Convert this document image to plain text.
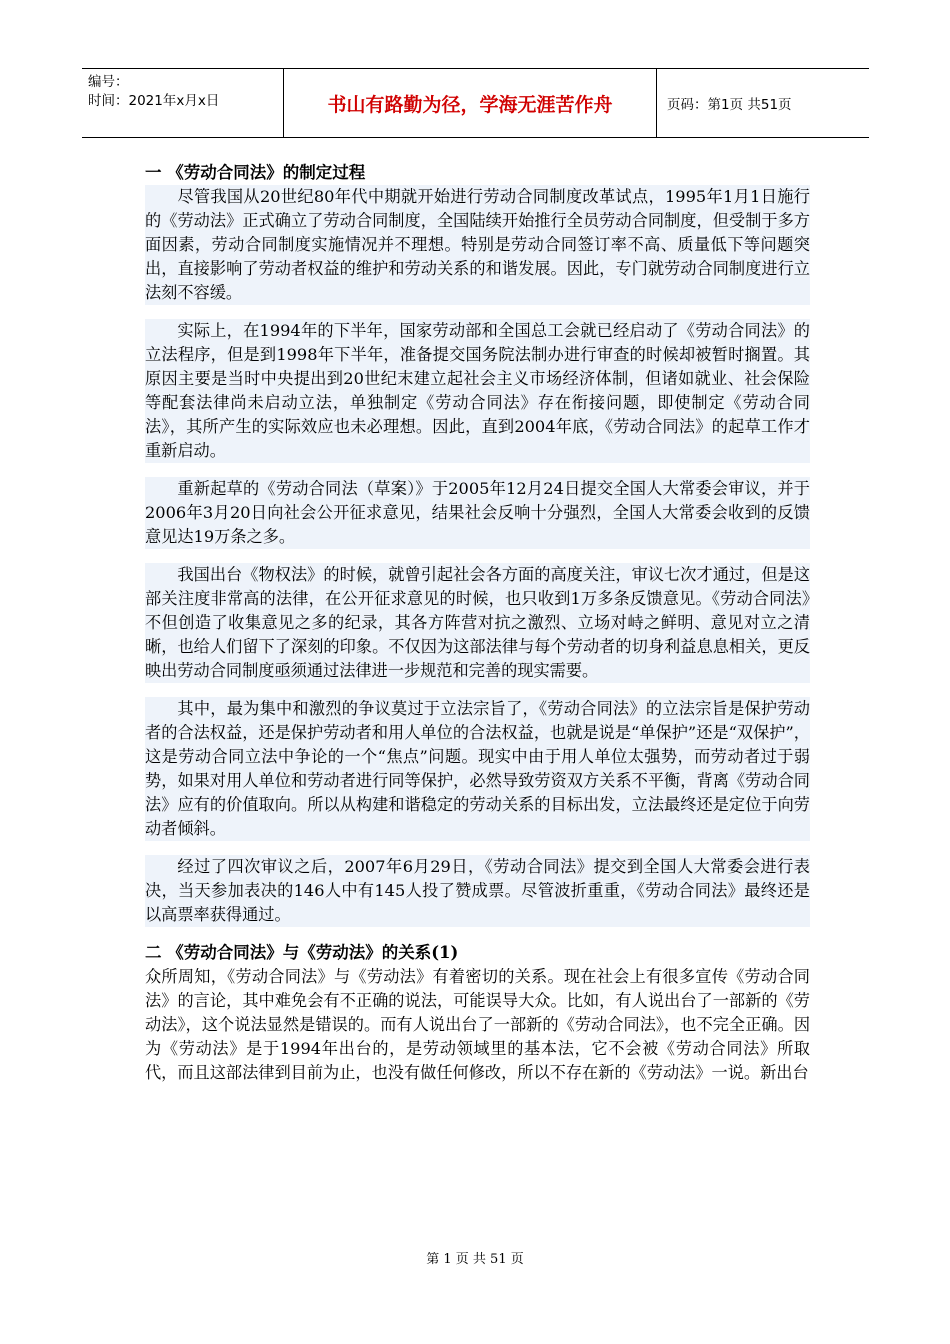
编号：
时间：2021年x月x日	书山有路勤为径，学海无涯苦作舟	页码：第1页 共51页
一 《劳动合同法》的制定过程

尽管我国从20世纪80年代中期就开始进行劳动合同制度改革试点，1995年1月1日施行的《劳动法》正式确立了劳动合同制度，全国陆续开始推行全员劳动合同制度，但受制于多方面因素，劳动合同制度实施情况并不理想。特别是劳动合同签订率不高、质量低下等问题突出，直接影响了劳动者权益的维护和劳动关系的和谐发展。因此，专门就劳动合同制度进行立法刻不容缓。

实际上，在1994年的下半年，国家劳动部和全国总工会就已经启动了《劳动合同法》的立法程序，但是到1998年下半年，准备提交国务院法制办进行审查的时候却被暂时搁置。其原因主要是当时中央提出到20世纪末建立起社会主义市场经济体制，但诸如就业、社会保险等配套法律尚未启动立法，单独制定《劳动合同法》存在衔接问题，即使制定《劳动合同法》，其所产生的实际效应也未必理想。因此，直到2004年底，《劳动合同法》的起草工作才重新启动。

重新起草的《劳动合同法（草案）》于2005年12月24日提交全国人大常委会审议，并于2006年3月20日向社会公开征求意见，结果社会反响十分强烈，全国人大常委会收到的反馈意见达19万条之多。

我国出台《物权法》的时候，就曾引起社会各方面的高度关注，审议七次才通过，但是这部关注度非常高的法律，在公开征求意见的时候，也只收到1万多条反馈意见。《劳动合同法》不但创造了收集意见之多的纪录，其各方阵营对抗之激烈、立场对峙之鲜明、意见对立之清晰，也给人们留下了深刻的印象。不仅因为这部法律与每个劳动者的切身利益息息相关，更反映出劳动合同制度亟须通过法律进一步规范和完善的现实需要。

其中，最为集中和激烈的争议莫过于立法宗旨了，《劳动合同法》的立法宗旨是保护劳动者的合法权益，还是保护劳动者和用人单位的合法权益，也就是说是“单保护”还是“双保护”，这是劳动合同立法中争论的一个“焦点”问题。现实中由于用人单位太强势，而劳动者过于弱势，如果对用人单位和劳动者进行同等保护，必然导致劳资双方关系不平衡，背离《劳动合同法》应有的价值取向。所以从构建和谐稳定的劳动关系的目标出发，立法最终还是定位于向劳动者倾斜。

经过了四次审议之后，2007年6月29日，《劳动合同法》提交到全国人大常委会进行表决，当天参加表决的146人中有145人投了赞成票。尽管波折重重，《劳动合同法》最终还是以高票率获得通过。

二 《劳动合同法》与《劳动法》的关系(1)

众所周知，《劳动合同法》与《劳动法》有着密切的关系。现在社会上有很多宣传《劳动合同法》的言论，其中难免会有不正确的说法，可能误导大众。比如，有人说出台了一部新的《劳动法》，这个说法显然是错误的。而有人说出台了一部新的《劳动合同法》，也不完全正确。因为《劳动法》是于1994年出台的，是劳动领域里的基本法，它不会被《劳动合同法》所取代，而且这部法律到目前为止，也没有做任何修改，所以不存在新的《劳动法》一说。新出台

第 1 页 共 51 页
